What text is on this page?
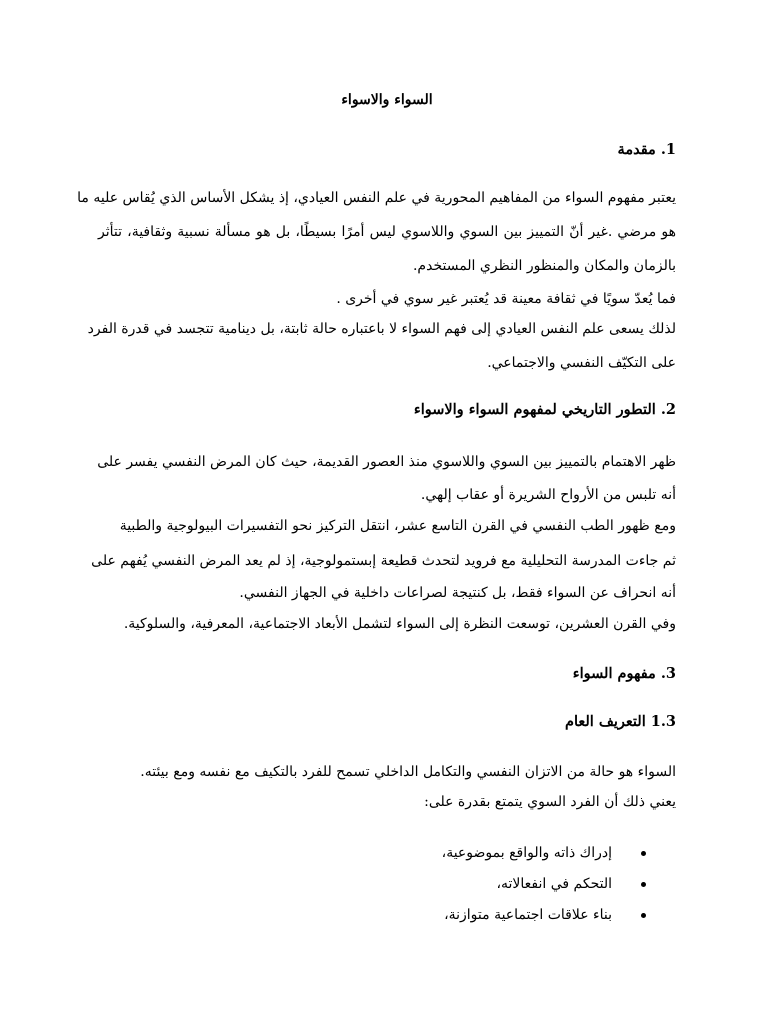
السواء والاسواء
1. مقدمة
يعتبر مفهوم السواء من المفاهيم المحورية في علم النفس العيادي، إذ يشكل الأساس الذي يُقاس عليه ما
هو مرضي .غير أنّ التمييز بين السوي واللاسوي ليس أمرًا بسيطًا، بل هو مسألة نسبية وثقافية، تتأثر
بالزمان والمكان والمنظور النظري المستخدم.
فما يُعدّ سويًا في ثقافة معينة قد يُعتبر غير سوي في أخرى .
لذلك يسعى علم النفس العيادي إلى فهم السواء لا باعتباره حالة ثابتة، بل دينامية تتجسد في قدرة الفرد
على التكيّف النفسي والاجتماعي.
2. التطور التاريخي لمفهوم السواء والاسواء
ظهر الاهتمام بالتمييز بين السوي واللاسوي منذ العصور القديمة، حيث كان المرض النفسي يفسر على
أنه تلبس من الأرواح الشريرة أو عقاب إلهي.
ومع ظهور الطب النفسي في القرن التاسع عشر، انتقل التركيز نحو التفسيرات البيولوجية والطبية
ثم جاءت المدرسة التحليلية مع فرويد لتحدث قطيعة إبستمولوجية، إذ لم يعد المرض النفسي يُفهم على
أنه انحراف عن السواء فقط، بل كنتيجة لصراعات داخلية في الجهاز النفسي.
وفي القرن العشرين، توسعت النظرة إلى السواء لتشمل الأبعاد الاجتماعية، المعرفية، والسلوكية.
3. مفهوم السواء
1.3 التعريف العام
السواء هو حالة من الاتزان النفسي والتكامل الداخلي تسمح للفرد بالتكيف مع نفسه ومع بيئته.
يعني ذلك أن الفرد السوي يتمتع بقدرة على:
إدراك ذاته والواقع بموضوعية،
التحكم في انفعالاته،
بناء علاقات اجتماعية متوازنة،
